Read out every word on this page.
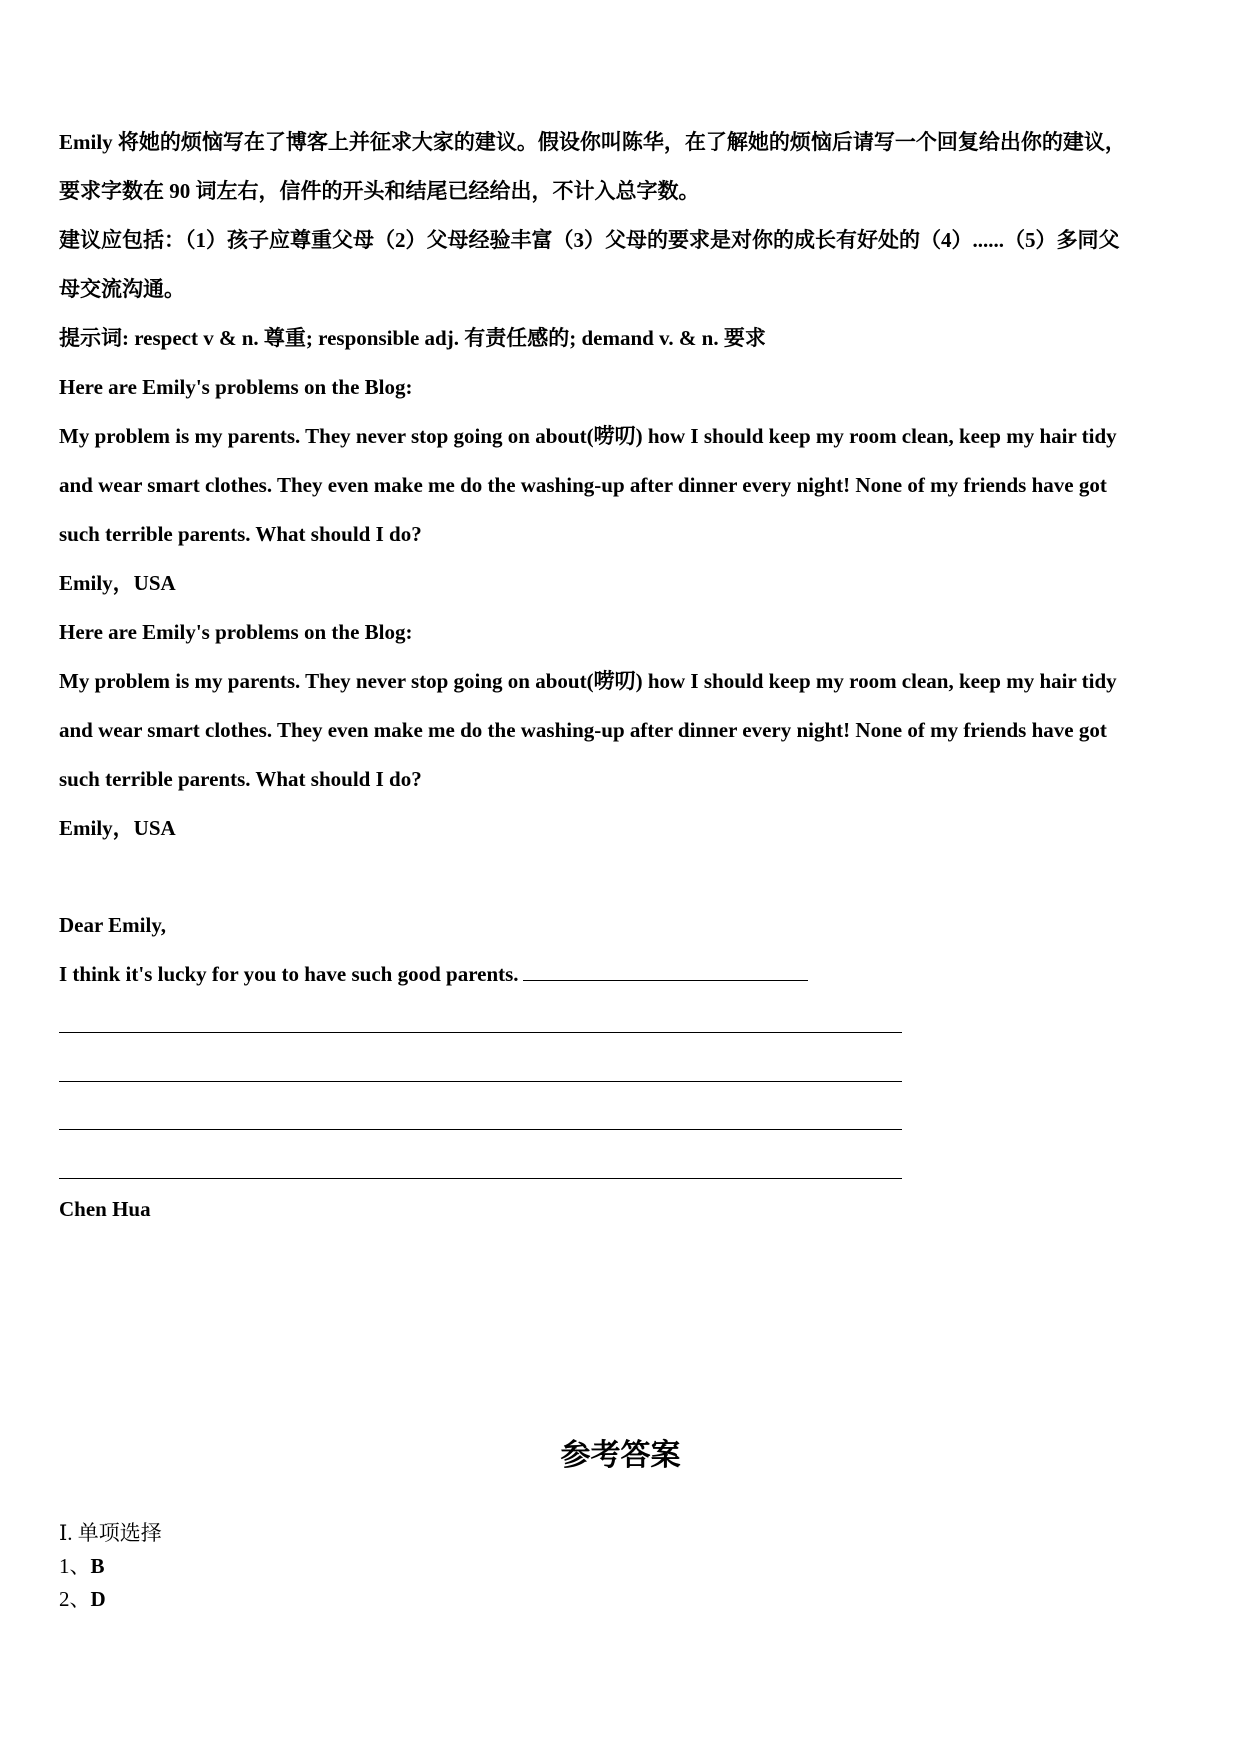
Emily 将她的烦恼写在了博客上并征求大家的建议。假设你叫陈华，在了解她的烦恼后请写一个回复给出你的建议，
要求字数在 90 词左右，信件的开头和结尾已经给出，不计入总字数。
建议应包括：（1）孩子应尊重父母（2）父母经验丰富（3）父母的要求是对你的成长有好处的（4）......（5）多同父
母交流沟通。
提示词: respect v & n. 尊重; responsible adj. 有责任感的; demand v. & n. 要求
Here are Emily's problems on the Blog:
My problem is my parents. They never stop going on about(唠叨) how I should keep my room clean, keep my hair tidy
and wear smart clothes. They even make me do the washing-up after dinner every night! None of my friends have got
such terrible parents. What should I do?
Emily，USA
Here are Emily's problems on the Blog:
My problem is my parents. They never stop going on about(唠叨) how I should keep my room clean, keep my hair tidy
and wear smart clothes. They even make me do the washing-up after dinner every night! None of my friends have got
such terrible parents. What should I do?
Emily，USA
Dear Emily,
I think it's lucky for you to have such good parents.
Chen Hua
参考答案
Ⅰ. 单项选择
1、B
2、D
